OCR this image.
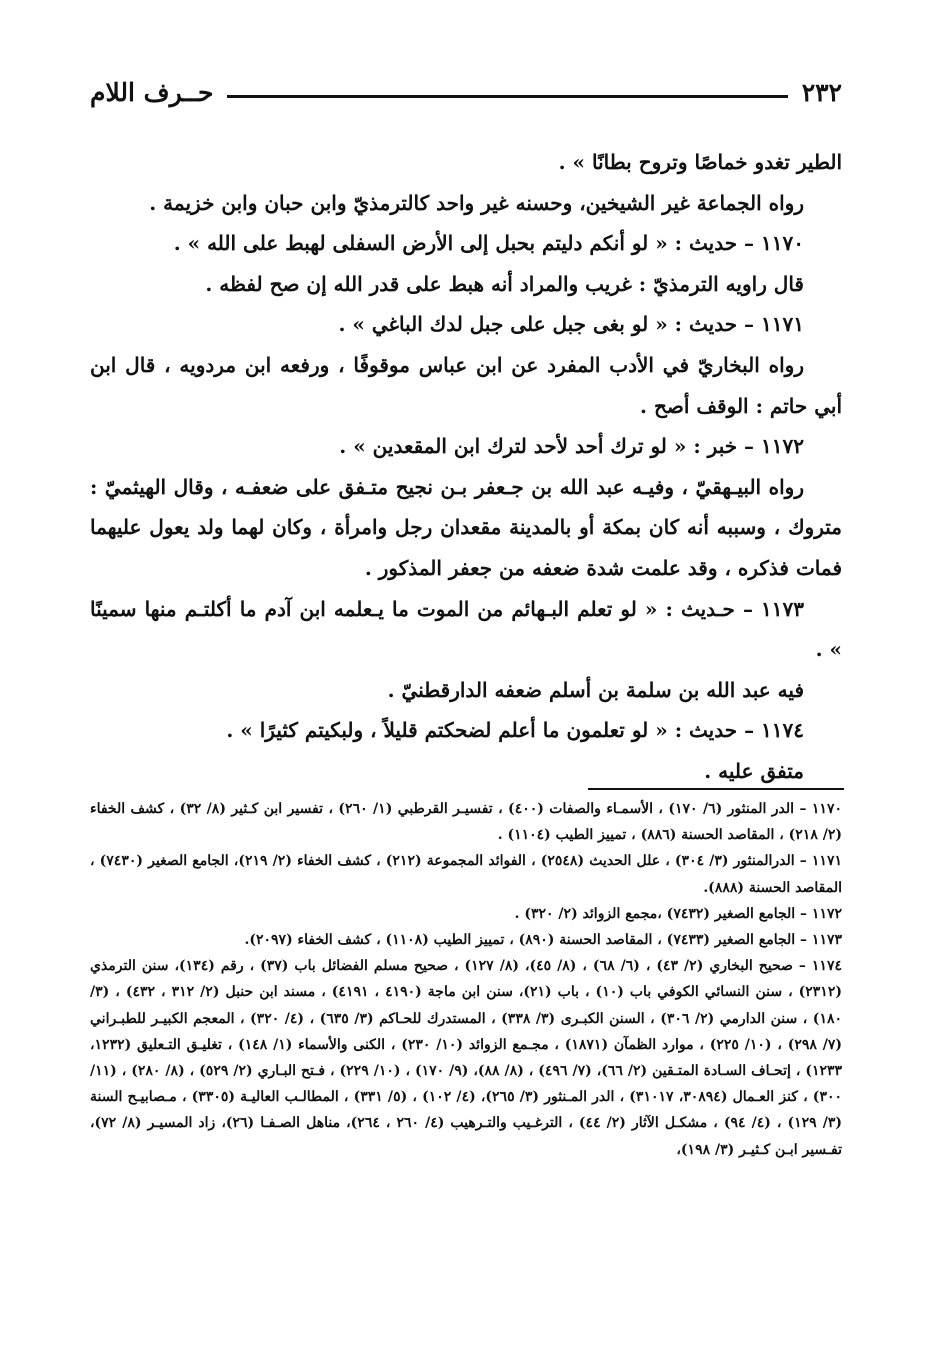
٢٣٢
حــرف اللام

الطير تغدو خماصًا وتروح بطانًا » .

رواه الجماعة غير الشيخين، وحسنه غير واحد كالترمذيّ وابن حبان وابن خزيمة .

١١٧٠ – حديث : « لو أنكم دليتم بحبل إلى الأرض السفلى لهبط على الله » .

قال راويه الترمذيّ : غريب والمراد أنه هبط على قدر الله إن صح لفظه .

١١٧١ – حديث : « لو بغى جبل على جبل لدك الباغي » .

رواه البخاريّ في الأدب المفرد عن ابن عباس موقوفًا ، ورفعه ابن مردويه ، قال ابن أبي حاتم : الوقف أصح .

١١٧٢ – خبر : « لو ترك أحد لأحد لترك ابن المقعدين » .

رواه البيـهقيّ ، وفيـه عبد الله بن جـعفر بـن نجيح متـفق على ضعفـه ، وقال الهيثميّ : متروك ، وسببه أنه كان بمكة أو بالمدينة مقعدان رجل وامرأة ، وكان لهما ولد يعول عليهما فمات فذكره ، وقد علمت شدة ضعفه من جعفر المذكور .

١١٧٣ – حـديث : « لو تعلم البـهائم من الموت ما يـعلمه ابن آدم ما أكلتـم منها سمينًا » .

فيه عبد الله بن سلمة بن أسلم ضعفه الدارقطنيّ .

١١٧٤ – حديث : « لو تعلمون ما أعلم لضحكتم قليلاً ، ولبكيتم كثيرًا » .

متفق عليه .

١١٧٠ – الدر المنثور (٦/ ١٧٠) ، الأسمـاء والصفات (٤٠٠) ، تفسيـر القرطبي (١/ ٢٦٠) ، تفسير ابن كـثير (٨/ ٣٢) ، كشف الخفاء (٢/ ٢١٨) ، المقاصد الحسنة (٨٨٦) ، تمييز الطيب (١١٠٤) .

١١٧١ – الدرالمنثور (٣/ ٣٠٤) ، علل الحديث (٢٥٤٨) ، الفوائد المجموعة (٢١٢) ، كشف الخفاء (٢/ ٢١٩)، الجامع الصغير (٧٤٣٠) ، المقاصد الحسنة (٨٨٨).

١١٧٢ – الجامع الصغير (٧٤٣٢) ،مجمع الزوائد (٢/ ٣٢٠) .

١١٧٣ – الجامع الصغير (٧٤٣٣) ، المقاصد الحسنة (٨٩٠) ، تمييز الطيب (١١٠٨) ، كشف الخفاء (٢٠٩٧).

١١٧٤ – صحيح البخاري (٢/ ٤٣) ، (٦/ ٦٨) ، (٨/ ٤٥)، (٨/ ١٢٧) ، صحيح مسلم الفضائل باب (٣٧) ، رقم (١٣٤)، سنن الترمذي (٢٣١٢) ، سنن النسائي الكوفي باب (١٠) ، باب (٢١)، سنن ابن ماجة (٤١٩٠ ، ٤١٩١) ، مسند ابن حنبل (٢/ ٣١٢ ، ٤٣٢) ، (٣/ ١٨٠) ، سنن الدارمي (٢/ ٣٠٦) ، السنن الكبـرى (٣/ ٣٣٨) ، المستدرك للحـاكم (٣/ ٦٣٥) ، (٤/ ٣٢٠) ، المعجم الكبيـر للطبـراني (٧/ ٢٩٨) ، (١٠/ ٢٢٥) ، موارد الظمآن (١٨٧١) ، مجـمع الزوائد (١٠/ ٢٣٠) ، الكنى والأسماء (١/ ١٤٨) ، تغليـق التـعليق (١٢٣٢، ١٢٣٣) ، إتحـاف السـادة المتـقين (٢/ ٦٦)، (٧/ ٤٩٦) ، (٨/ ٨٨)، (٩/ ١٧٠) ، (١٠/ ٢٢٩) ، فـتح البـاري (٢/ ٥٢٩) ، (٨/ ٢٨٠) ، (١١/ ٣٠٠) ، كنز العـمال (٣٠٨٩٤، ٣١٠١٧) ، الدر المـنثور (٣/ ٢٦٥)، (٤/ ١٠٢) ، (٥/ ٣٣١) ، المطالـب العاليـة (٣٣٠٥) ، مـصابيـح السنة (٣/ ١٢٩) ، (٤/ ٩٤) ، مشكـل الآثار (٢/ ٤٤) ، الترغـيب والتـرهيب (٤/ ٢٦٠ ، ٢٦٤)، مناهل الصـفـا (٢٦)، زاد المسيـر (٨/ ٧٢)، تفـسير ابـن كـثيـر (٣/ ١٩٨)،
